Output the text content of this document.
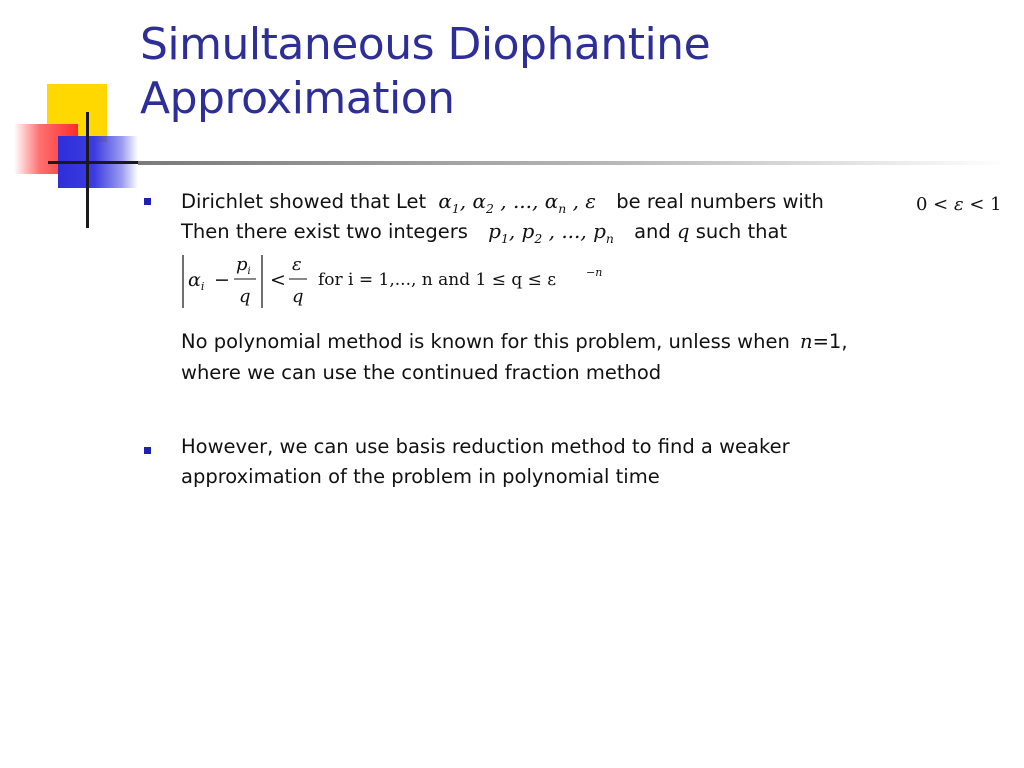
Simultaneous Diophantine
Approximation
Dirichlet showed that Let $\alpha_1$, $\alpha_2$ , ..., $\alpha_n$ , ε be real numbers with	0 < ε < 1
Then there exist two integers $p_1$, $p_2$ , ..., $p_n$ and q such that
$\alpha_i$ −
$p_i$
q
<
ε
q
for i = 1,..., n and 1 ≤ q ≤ ε	−n
No polynomial method is known for this problem, unless when n=1,
where we can use the continued fraction method
However, we can use basis reduction method to find a weaker
approximation of the problem in polynomial time
